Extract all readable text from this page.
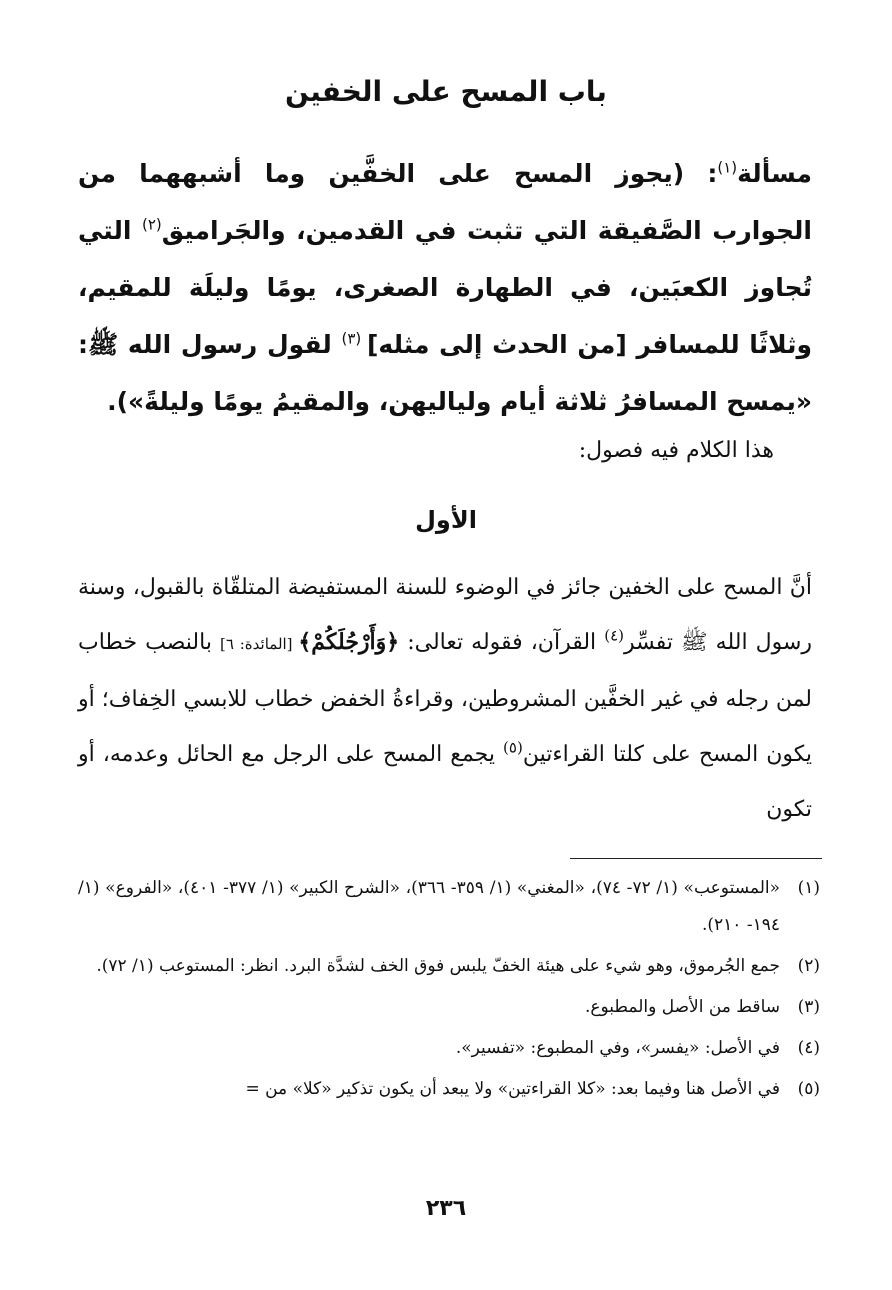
باب المسح على الخفين

مسألة$^{(١)}$: (يجوز المسح على الخفَّين وما أشبههما من الجوارب الصَّفيقة التي تثبت في القدمين، والجَراميق$^{(٢)}$ التي تُجاوز الكعبَين، في الطهارة الصغرى، يومًا وليلَة للمقيم، وثلاثًا للمسافر [من الحدث إلى مثله] $^{(٣)}$ لقول رسول الله ﷺ: «يمسح المسافرُ ثلاثة أيام ولياليهن، والمقيمُ يومًا وليلةً»).

هذا الكلام فيه فصول:
الأول

أنَّ المسح على الخفين جائز في الوضوء للسنة المستفيضة المتلقّاة بالقبول، وسنة رسول الله ﷺ تفسِّر$^{(٤)}$ القرآن، فقوله تعالى: ﴿وَأَرْجُلَكُمْ﴾ [المائدة: ٦] بالنصب خطاب لمن رجله في غير الخفَّين المشروطين، وقراءةُ الخفض خطاب للابسي الخِفاف؛ أو يكون المسح على كلتا القراءتين$^{(٥)}$ يجمع المسح على الرجل مع الحائل وعدمه، أو تكون

(١)
«المستوعب» (١/ ٧٢- ٧٤)، «المغني» (١/ ٣٥٩- ٣٦٦)، «الشرح الكبير» (١/ ٣٧٧- ٤٠١)، «الفروع» (١/ ١٩٤- ٢١٠).
(٢)
جمع الجُرموق، وهو شيء على هيئة الخفّ يلبس فوق الخف لشدَّة البرد. انظر: المستوعب (١/ ٧٢).
(٣)
ساقط من الأصل والمطبوع.
(٤)
في الأصل: «يفسر»، وفي المطبوع: «تفسير».
(٥)
في الأصل هنا وفيما بعد: «كلا القراءتين» ولا يبعد أن يكون تذكير «كلا» من =
٢٣٦
